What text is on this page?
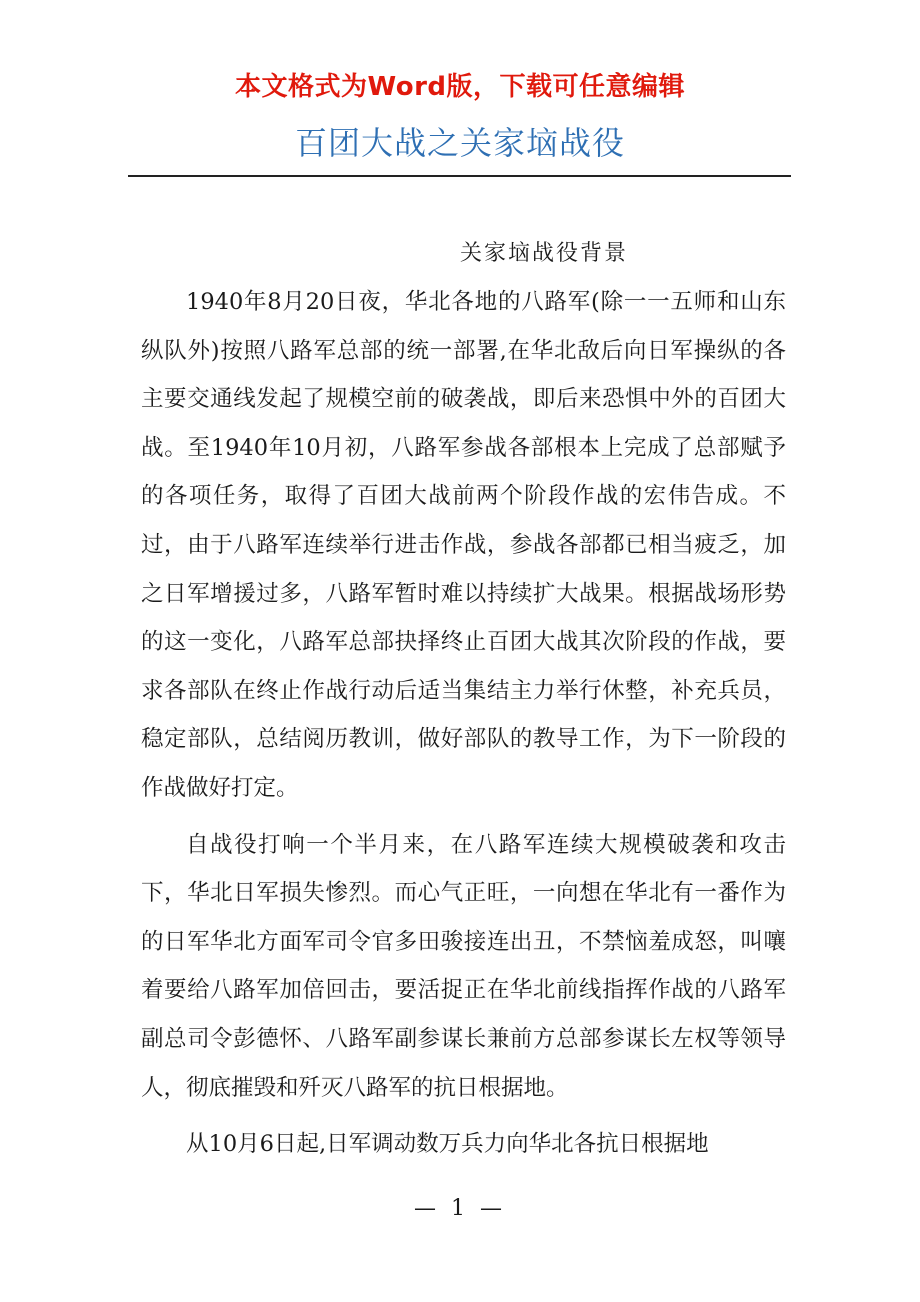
本文格式为Word版，下载可任意编辑
百团大战之关家垴战役
关家垴战役背景

1940年8月20日夜，华北各地的八路军(除一一五师和山东纵队外)按照八路军总部的统一部署,在华北敌后向日军操纵的各主要交通线发起了规模空前的破袭战，即后来恐惧中外的百团大战。至1940年10月初，八路军参战各部根本上完成了总部赋予的各项任务，取得了百团大战前两个阶段作战的宏伟告成。不过，由于八路军连续举行进击作战，参战各部都已相当疲乏，加之日军增援过多，八路军暂时难以持续扩大战果。根据战场形势的这一变化，八路军总部抉择终止百团大战其次阶段的作战，要求各部队在终止作战行动后适当集结主力举行休整，补充兵员，稳定部队，总结阅历教训，做好部队的教导工作，为下一阶段的作战做好打定。

自战役打响一个半月来，在八路军连续大规模破袭和攻击下，华北日军损失惨烈。而心气正旺，一向想在华北有一番作为的日军华北方面军司令官多田骏接连出丑，不禁恼羞成怒，叫嚷着要给八路军加倍回击，要活捉正在华北前线指挥作战的八路军副总司令彭德怀、八路军副参谋长兼前方总部参谋长左权等领导人，彻底摧毁和歼灭八路军的抗日根据地。

从10月6日起,日军调动数万兵力向华北各抗日根据地

— 1 —
